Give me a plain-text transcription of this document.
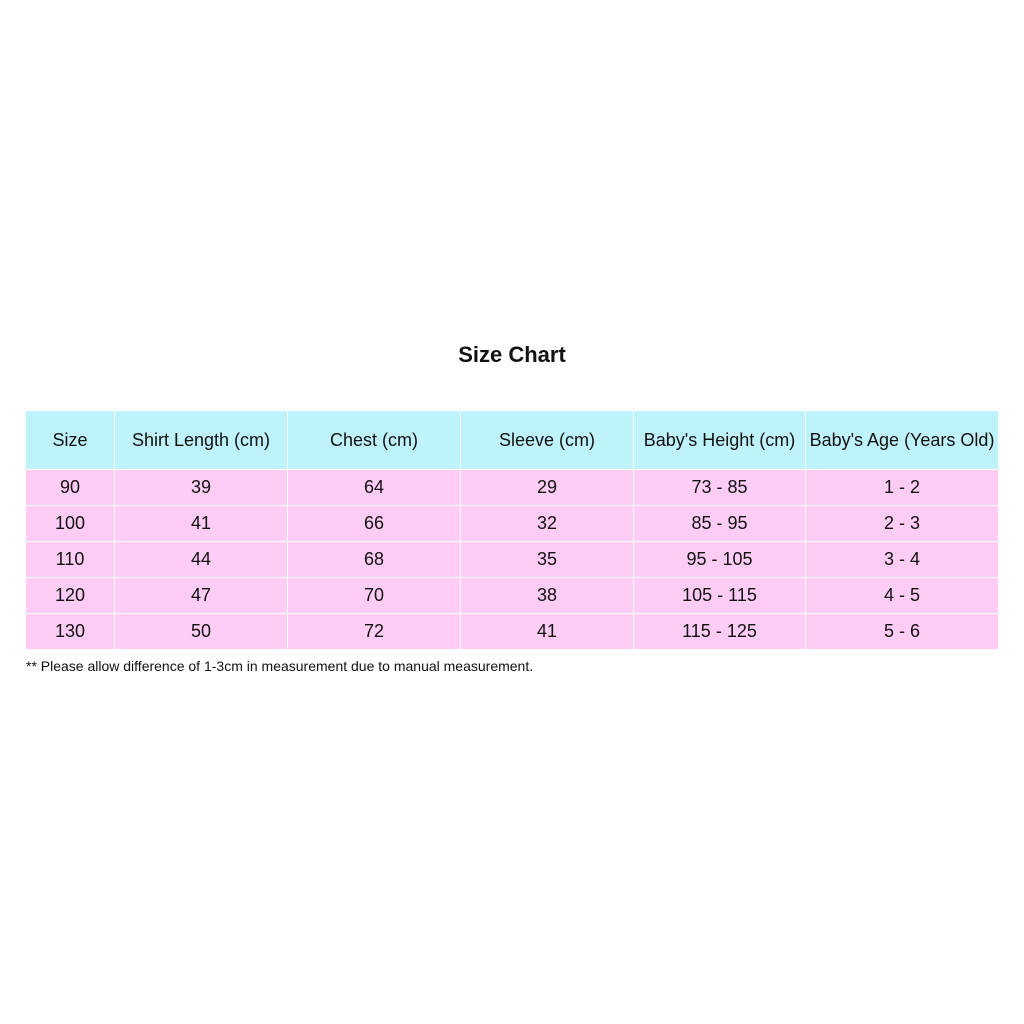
Size Chart
Size	Shirt Length (cm)	Chest (cm)	Sleeve (cm)	Baby's Height (cm)	Baby's Age (Years Old)
90	39	64	29	73 - 85	1 - 2
100	41	66	32	85 - 95	2 - 3
110	44	68	35	95 - 105	3 - 4
120	47	70	38	105 - 115	4 - 5
130	50	72	41	115 - 125	5 - 6

** Please allow difference of 1-3cm in measurement due to manual measurement.
